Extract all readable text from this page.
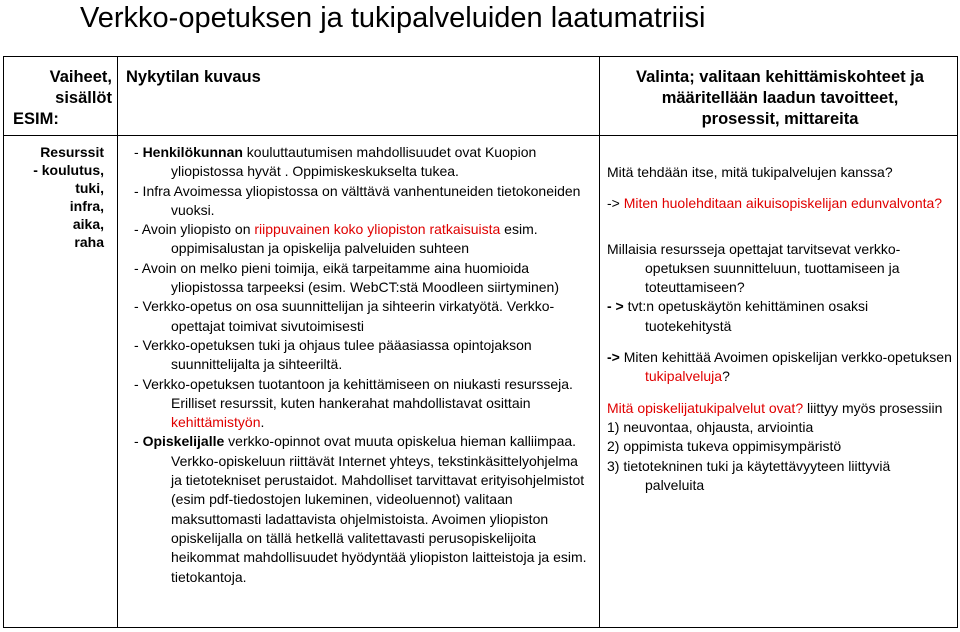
Verkko-opetuksen ja tukipalveluiden laatumatriisi
Vaiheet,
sisällöt
ESIM:
Nykytilan kuvaus	Valinta; valitaan kehittämiskohteet ja
määritellään laadun tavoitteet,
prosessit, mittareita
Resurssit
- koulutus,
tuki,
infra,
aika,
raha

- Henkilökunnan kouluttautumisen mahdollisuudet ovat Kuopion yliopistossa hyvät . Oppimiskeskukselta tukea.

- Infra Avoimessa yliopistossa on välttävä vanhentuneiden tietokoneiden vuoksi.

- Avoin yliopisto on riippuvainen koko yliopiston ratkaisuista esim. oppimisalustan ja opiskelija palveluiden suhteen

- Avoin on melko pieni toimija, eikä tarpeitamme aina huomioida yliopistossa tarpeeksi (esim. WebCT:stä Moodleen siirtyminen)

- Verkko-opetus on osa suunnittelijan ja sihteerin virkatyötä. Verkko-opettajat toimivat sivutoimisesti

- Verkko-opetuksen tuki ja ohjaus tulee pääasiassa opintojakson suunnittelijalta ja sihteeriltä.

- Verkko-opetuksen tuotantoon ja kehittämiseen on niukasti resursseja. Erilliset resurssit, kuten hankerahat mahdollistavat osittain kehittämistyön.

- Opiskelijalle verkko-opinnot ovat muuta opiskelua hieman kalliimpaa. Verkko-opiskeluun riittävät Internet yhteys, tekstinkäsittelyohjelma ja tietotekniset perustaidot. Mahdolliset tarvittavat erityisohjelmistot (esim pdf-tiedostojen lukeminen, videoluennot) valitaan maksuttomasti ladattavista ohjelmistoista. Avoimen yliopiston opiskelijalla on tällä hetkellä valitettavasti perusopiskelijoita heikommat mahdollisuudet hyödyntää yliopiston laitteistoja ja esim. tietokantoja.

Mitä tehdään itse, mitä tukipalvelujen kanssa?

-> Miten huolehditaan aikuisopiskelijan edunvalvonta?

Millaisia resursseja opettajat tarvitsevat verkko-opetuksen suunnitteluun, tuottamiseen ja toteuttamiseen?

- > tvt:n opetuskäytön kehittäminen osaksi tuotekehitystä

-> Miten kehittää Avoimen opiskelijan verkko-opetuksen tukipalveluja?

Mitä opiskelijatukipalvelut ovat? liittyy myös prosessiin

1) neuvontaa, ohjausta, arviointia

2) oppimista tukeva oppimisympäristö

3) tietotekninen tuki ja käytettävyyteen liittyviä palveluita
